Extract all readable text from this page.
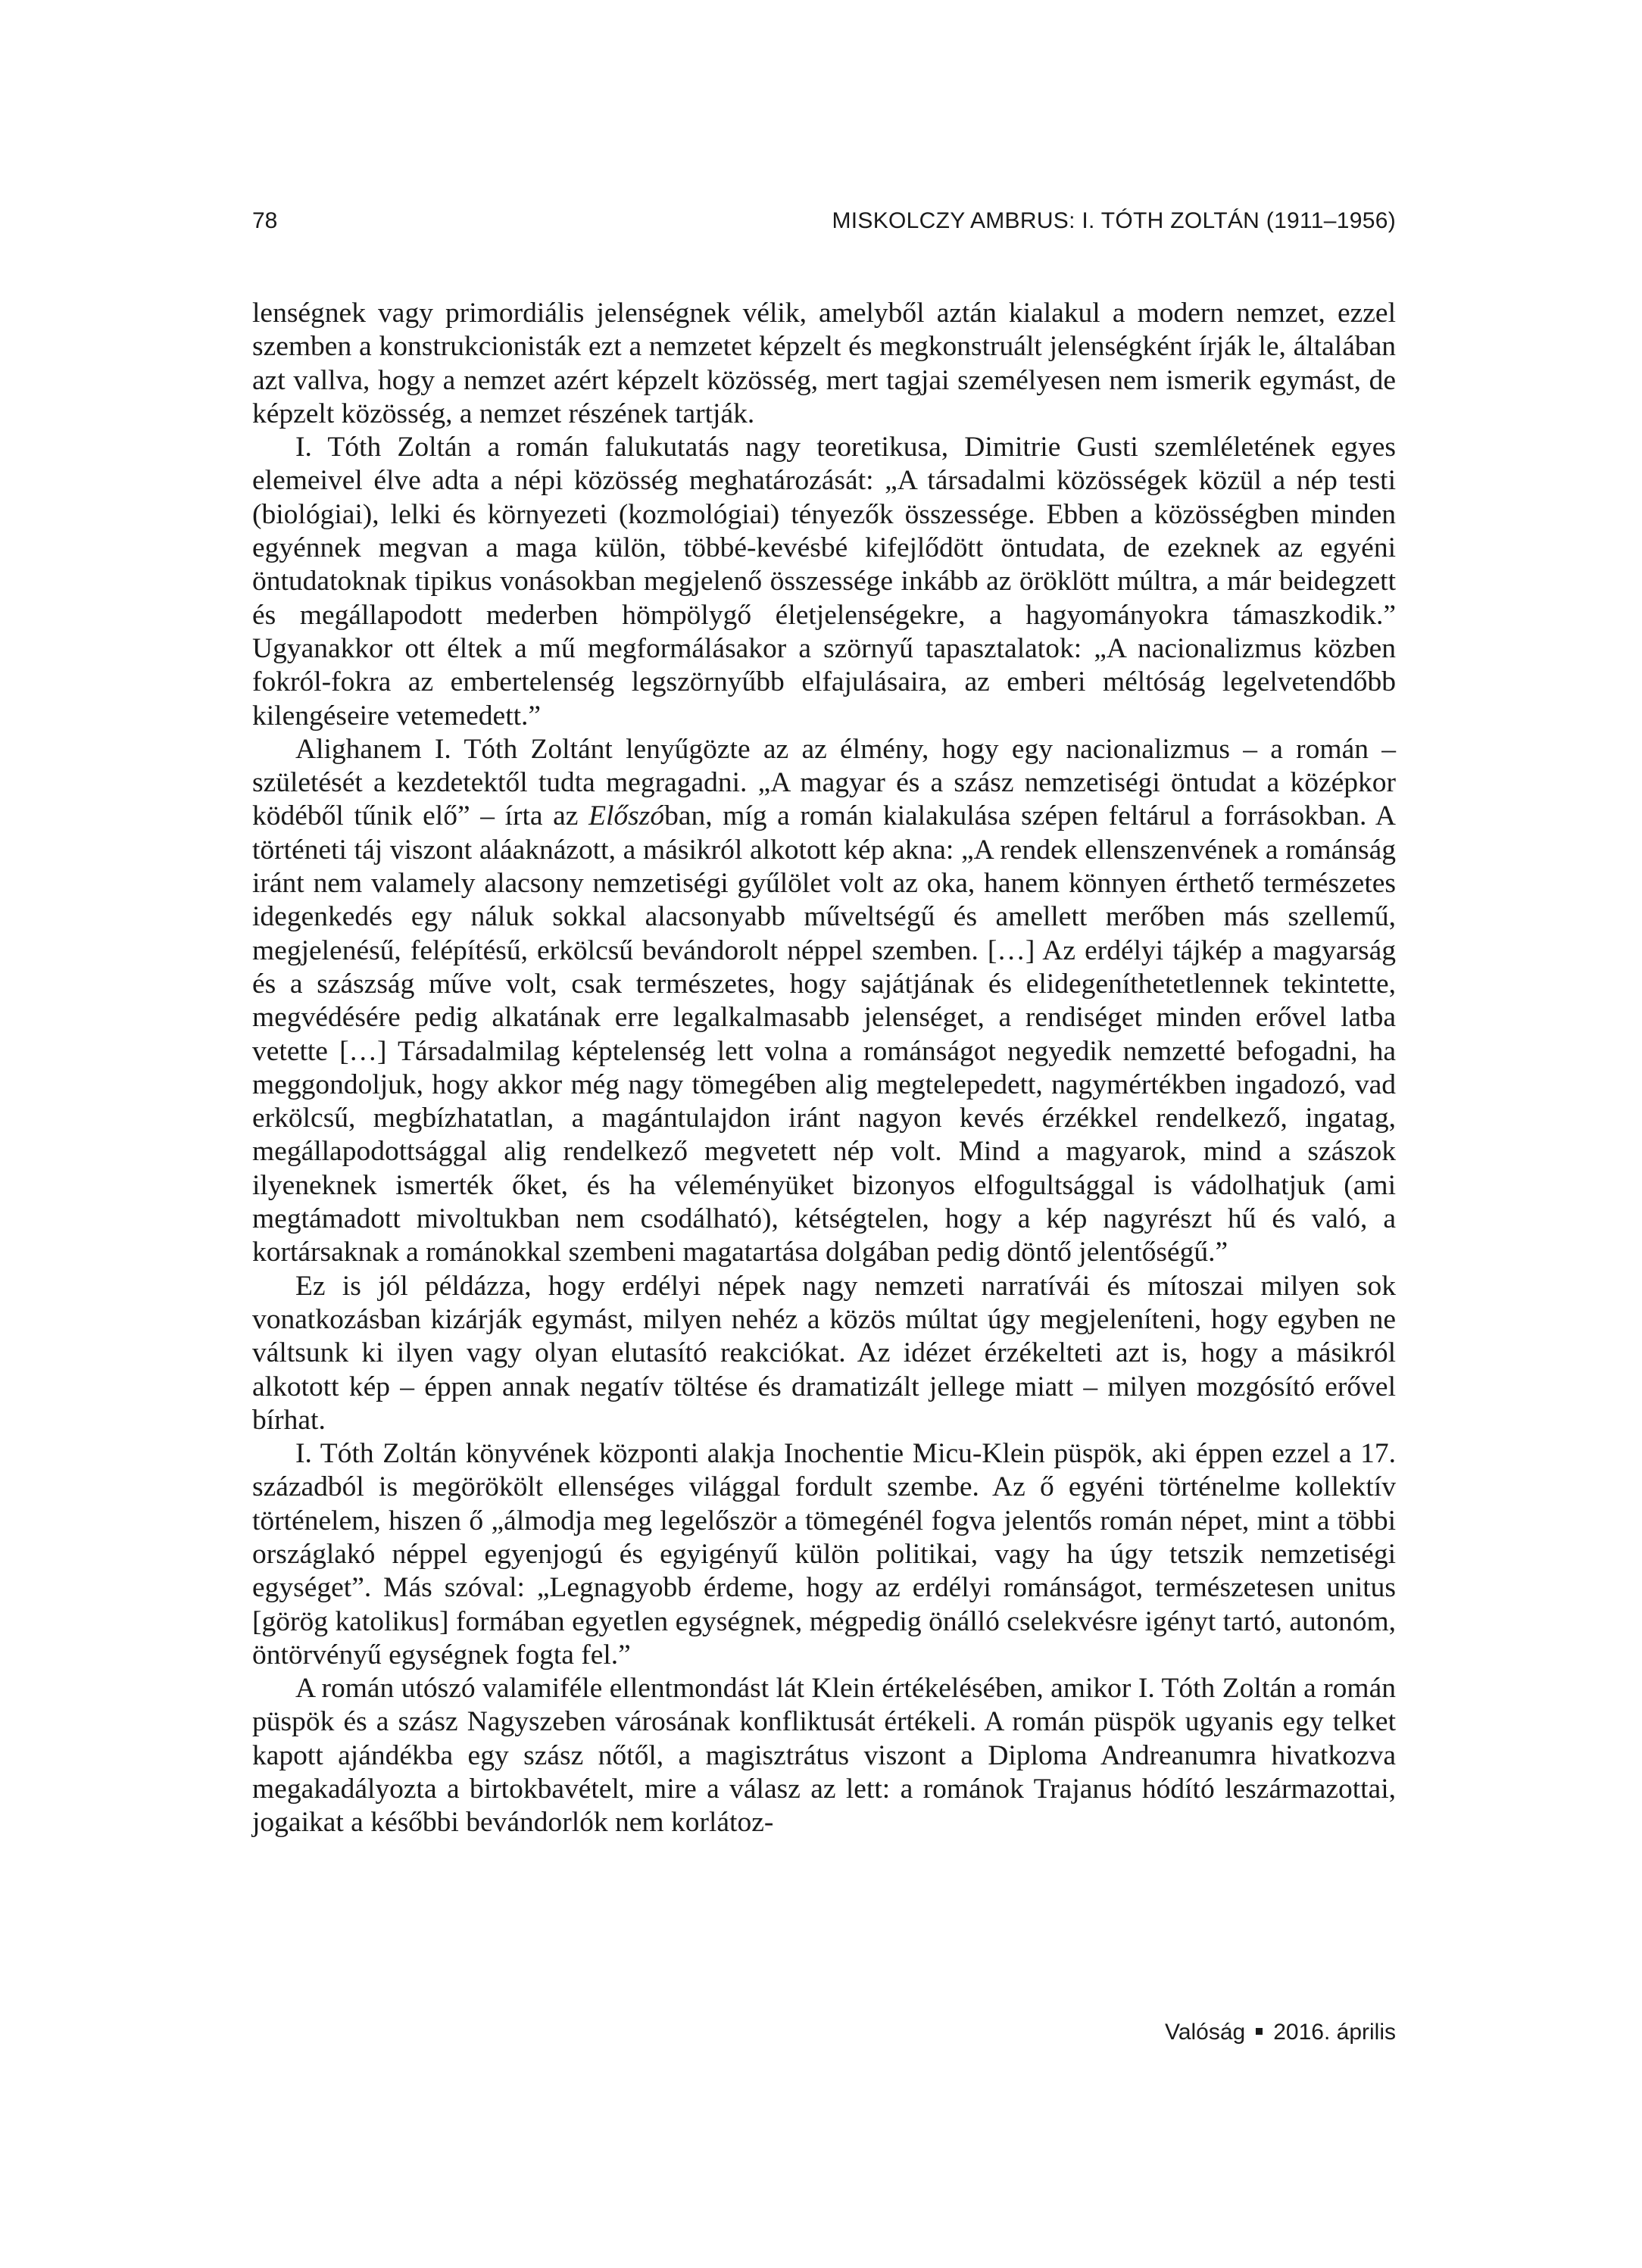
78	MISKOLCZY AMBRUS: I. TÓTH ZOLTÁN (1911–1956)

lenségnek vagy primordiális jelenségnek vélik, amelyből aztán kialakul a modern nemzet, ezzel szemben a konstrukcionisták ezt a nemzetet képzelt és megkonstruált jelenségként írják le, általában azt vallva, hogy a nemzet azért képzelt közösség, mert tagjai személyesen nem ismerik egymást, de képzelt közösség, a nemzet részének tartják.

I. Tóth Zoltán a román falukutatás nagy teoretikusa, Dimitrie Gusti szemléletének egyes elemeivel élve adta a népi közösség meghatározását: „A társadalmi közösségek közül a nép testi (biológiai), lelki és környezeti (kozmológiai) tényezők összessége. Ebben a közösségben minden egyénnek megvan a maga külön, többé-kevésbé kifejlődött öntudata, de ezeknek az egyéni öntudatoknak tipikus vonásokban megjelenő összessége inkább az öröklött múltra, a már beidegzett és megállapodott mederben hömpölygő életjelenségekre, a hagyományokra támaszkodik.” Ugyanakkor ott éltek a mű megformálásakor a szörnyű tapasztalatok: „A nacionalizmus közben fokról-fokra az embertelenség legszörnyűbb elfajulásaira, az emberi méltóság legelvetendőbb kilengéseire vetemedett.”

Alighanem I. Tóth Zoltánt lenyűgözte az az élmény, hogy egy nacionalizmus – a román – születését a kezdetektől tudta megragadni. „A magyar és a szász nemzetiségi öntudat a középkor ködéből tűnik elő” – írta az Előszóban, míg a román kialakulása szépen feltárul a forrásokban. A történeti táj viszont aláaknázott, a másikról alkotott kép akna: „A rendek ellenszenvének a románság iránt nem valamely alacsony nemzetiségi gyűlölet volt az oka, hanem könnyen érthető természetes idegenkedés egy náluk sokkal alacsonyabb műveltségű és amellett merőben más szellemű, megjelenésű, felépítésű, erkölcsű bevándorolt néppel szemben. […] Az erdélyi tájkép a magyarság és a szászság műve volt, csak természetes, hogy sajátjának és elidegeníthetetlennek tekintette, megvédésére pedig alkatának erre legalkalmasabb jelenséget, a rendiséget minden erővel latba vetette […] Társadalmilag képtelenség lett volna a románságot negyedik nemzetté befogadni, ha meggondoljuk, hogy akkor még nagy tömegében alig megtelepedett, nagymértékben ingadozó, vad erkölcsű, megbízhatatlan, a magántulajdon iránt nagyon kevés érzékkel rendelkező, ingatag, megállapodottsággal alig rendelkező megvetett nép volt. Mind a magyarok, mind a szászok ilyeneknek ismerték őket, és ha véleményüket bizonyos elfogultsággal is vádolhatjuk (ami megtámadott mivoltukban nem csodálható), kétségtelen, hogy a kép nagyrészt hű és való, a kortársaknak a románokkal szembeni magatartása dolgában pedig döntő jelentőségű.”

Ez is jól példázza, hogy erdélyi népek nagy nemzeti narratívái és mítoszai milyen sok vonatkozásban kizárják egymást, milyen nehéz a közös múltat úgy megjeleníteni, hogy egyben ne váltsunk ki ilyen vagy olyan elutasító reakciókat. Az idézet érzékelteti azt is, hogy a másikról alkotott kép – éppen annak negatív töltése és dramatizált jellege miatt – milyen mozgósító erővel bírhat.

I. Tóth Zoltán könyvének központi alakja Inochentie Micu-Klein püspök, aki éppen ezzel a 17. századból is megörökölt ellenséges világgal fordult szembe. Az ő egyéni történelme kollektív történelem, hiszen ő „álmodja meg legelőször a tömegénél fogva jelentős román népet, mint a többi országlakó néppel egyenjogú és egyigényű külön politikai, vagy ha úgy tetszik nemzetiségi egységet”. Más szóval: „Legnagyobb érdeme, hogy az erdélyi románságot, természetesen unitus [görög katolikus] formában egyetlen egységnek, mégpedig önálló cselekvésre igényt tartó, autonóm, öntörvényű egységnek fogta fel.”

A román utószó valamiféle ellentmondást lát Klein értékelésében, amikor I. Tóth Zoltán a román püspök és a szász Nagyszeben városának konfliktusát értékeli. A román püspök ugyanis egy telket kapott ajándékba egy szász nőtől, a magisztrátus viszont a Diploma Andreanumra hivatkozva megakadályozta a birtokbavételt, mire a válasz az lett: a románok Trajanus hódító leszármazottai, jogaikat a későbbi bevándorlók nem korlátoz-

Valóság 2016. április
